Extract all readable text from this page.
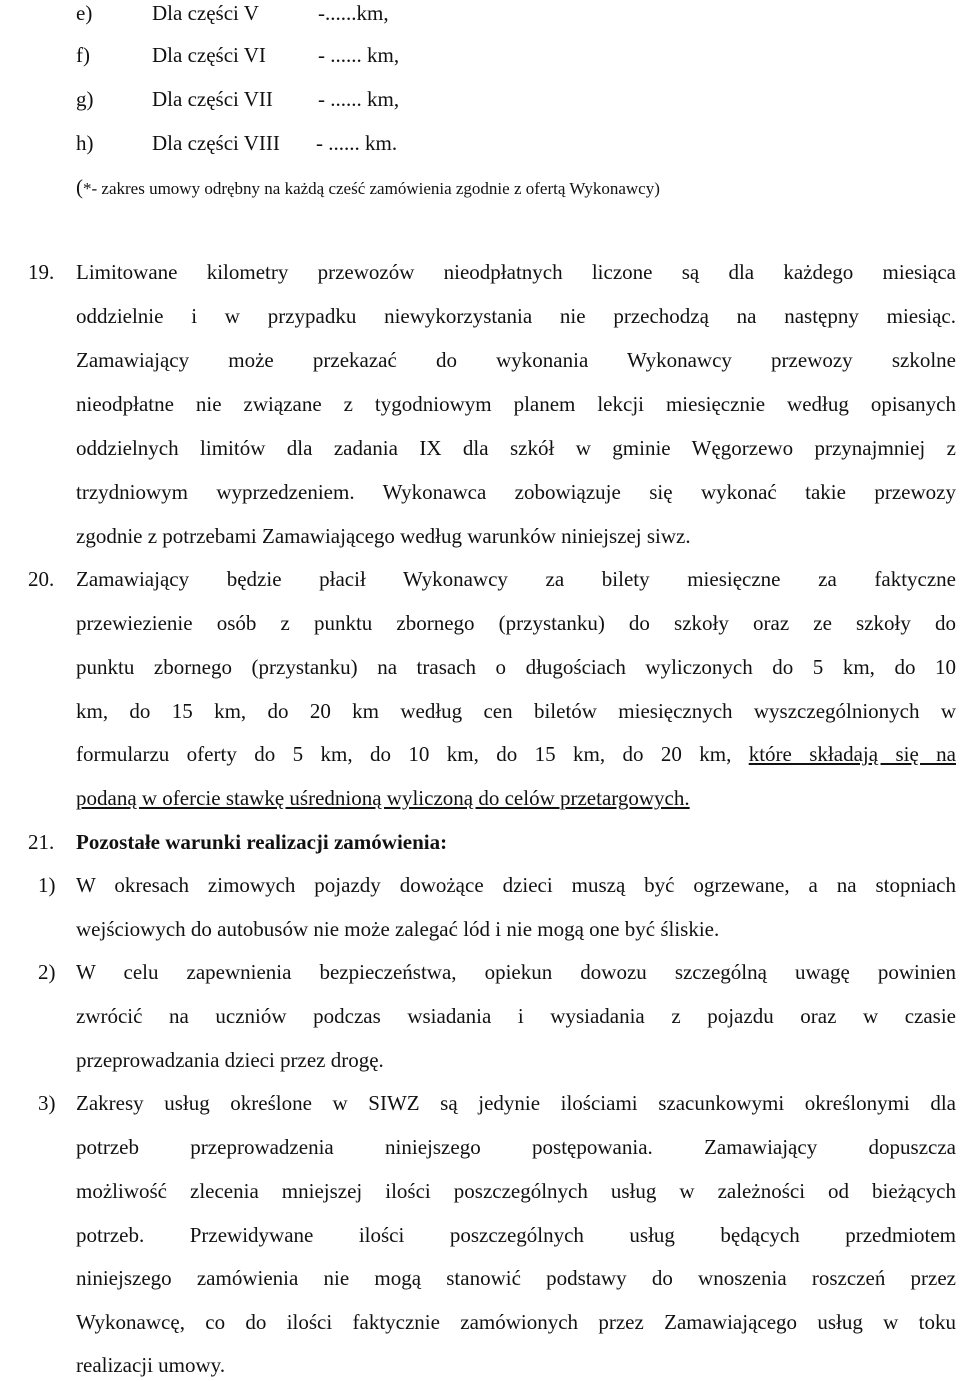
e)	Dla części V	-......km,
f)	Dla części VI - ...... km,
g)	Dla części VII - ...... km,
h)	Dla części VIII - ...... km.
(*- zakres umowy odrębny na każdą cześć zamówienia zgodnie z ofertą Wykonawcy)
19. Limitowane kilometry przewozów nieodpłatnych liczone są dla każdego miesiąca
oddzielnie i w przypadku niewykorzystania nie przechodzą na następny miesiąc.
Zamawiający może przekazać do wykonania Wykonawcy przewozy szkolne
nieodpłatne nie związane z tygodniowym planem lekcji miesięcznie według opisanych
oddzielnych limitów dla zadania IX dla szkół w gminie Węgorzewo przynajmniej z
trzydniowym wyprzedzeniem. Wykonawca zobowiązuje się wykonać takie przewozy
zgodnie z potrzebami Zamawiającego według warunków niniejszej siwz.
20. Zamawiający będzie płacił Wykonawcy za bilety miesięczne za faktyczne
przewiezienie osób z punktu zbornego (przystanku) do szkoły oraz ze szkoły do
punktu zbornego (przystanku) na trasach o długościach wyliczonych do 5 km, do 10
km, do 15 km, do 20 km według cen biletów miesięcznych wyszczególnionych w
formularzu oferty do 5 km, do 10 km, do 15 km, do 20 km, które składają się na
podaną w ofercie stawkę uśrednioną wyliczoną do celów przetargowych.
21. Pozostałe warunki realizacji zamówienia:
1) W okresach zimowych pojazdy dowożące dzieci muszą być ogrzewane, a na stopniach
wejściowych do autobusów nie może zalegać lód i nie mogą one być śliskie.
2) W celu zapewnienia bezpieczeństwa, opiekun dowozu szczególną uwagę powinien
zwrócić na uczniów podczas wsiadania i wysiadania z pojazdu oraz w czasie
przeprowadzania dzieci przez drogę.
3) Zakresy usług określone w SIWZ są jedynie ilościami szacunkowymi określonymi dla
potrzeb przeprowadzenia niniejszego postępowania. Zamawiający dopuszcza
możliwość zlecenia mniejszej ilości poszczególnych usług w zależności od bieżących
potrzeb. Przewidywane ilości poszczególnych usług będących przedmiotem
niniejszego zamówienia nie mogą stanowić podstawy do wnoszenia roszczeń przez
Wykonawcę, co do ilości faktycznie zamówionych przez Zamawiającego usług w toku
realizacji umowy.
